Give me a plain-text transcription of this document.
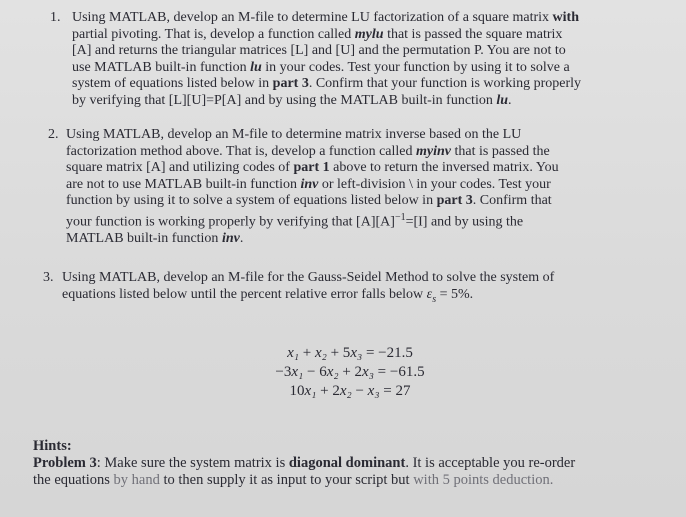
1. Using MATLAB, develop an M-file to determine LU factorization of a square matrix with
partial pivoting. That is, develop a function called mylu that is passed the square matrix
[A] and returns the triangular matrices [L] and [U] and the permutation P. You are not to
use MATLAB built-in function lu in your codes. Test your function by using it to solve a
system of equations listed below in part 3. Confirm that your function is working properly
by verifying that [L][U]=P[A] and by using the MATLAB built-in function lu.
2. Using MATLAB, develop an M-file to determine matrix inverse based on the LU
factorization method above. That is, develop a function called myinv that is passed the
square matrix [A] and utilizing codes of part 1 above to return the inversed matrix. You
are not to use MATLAB built-in function inv or left-division \ in your codes. Test your
function by using it to solve a system of equations listed below in part 3. Confirm that
your function is working properly by verifying that $[A][A]^{-1}=[I]$ and by using the
MATLAB built-in function inv.
3. Using MATLAB, develop an M-file for the Gauss-Seidel Method to solve the system of
equations listed below until the percent relative error falls below $\varepsilon_s = 5\%$.
x₁ + x₂ + 5x₃ = −21.5
−3x₁ − 6x₂ + 2x₃ = −61.5
10x₁ + 2x₂ − x₃ = 27
Hints:
Problem 3: Make sure the system matrix is diagonal dominant. It is acceptable you re-order
the equations by hand to then supply it as input to your script but with 5 points deduction.
